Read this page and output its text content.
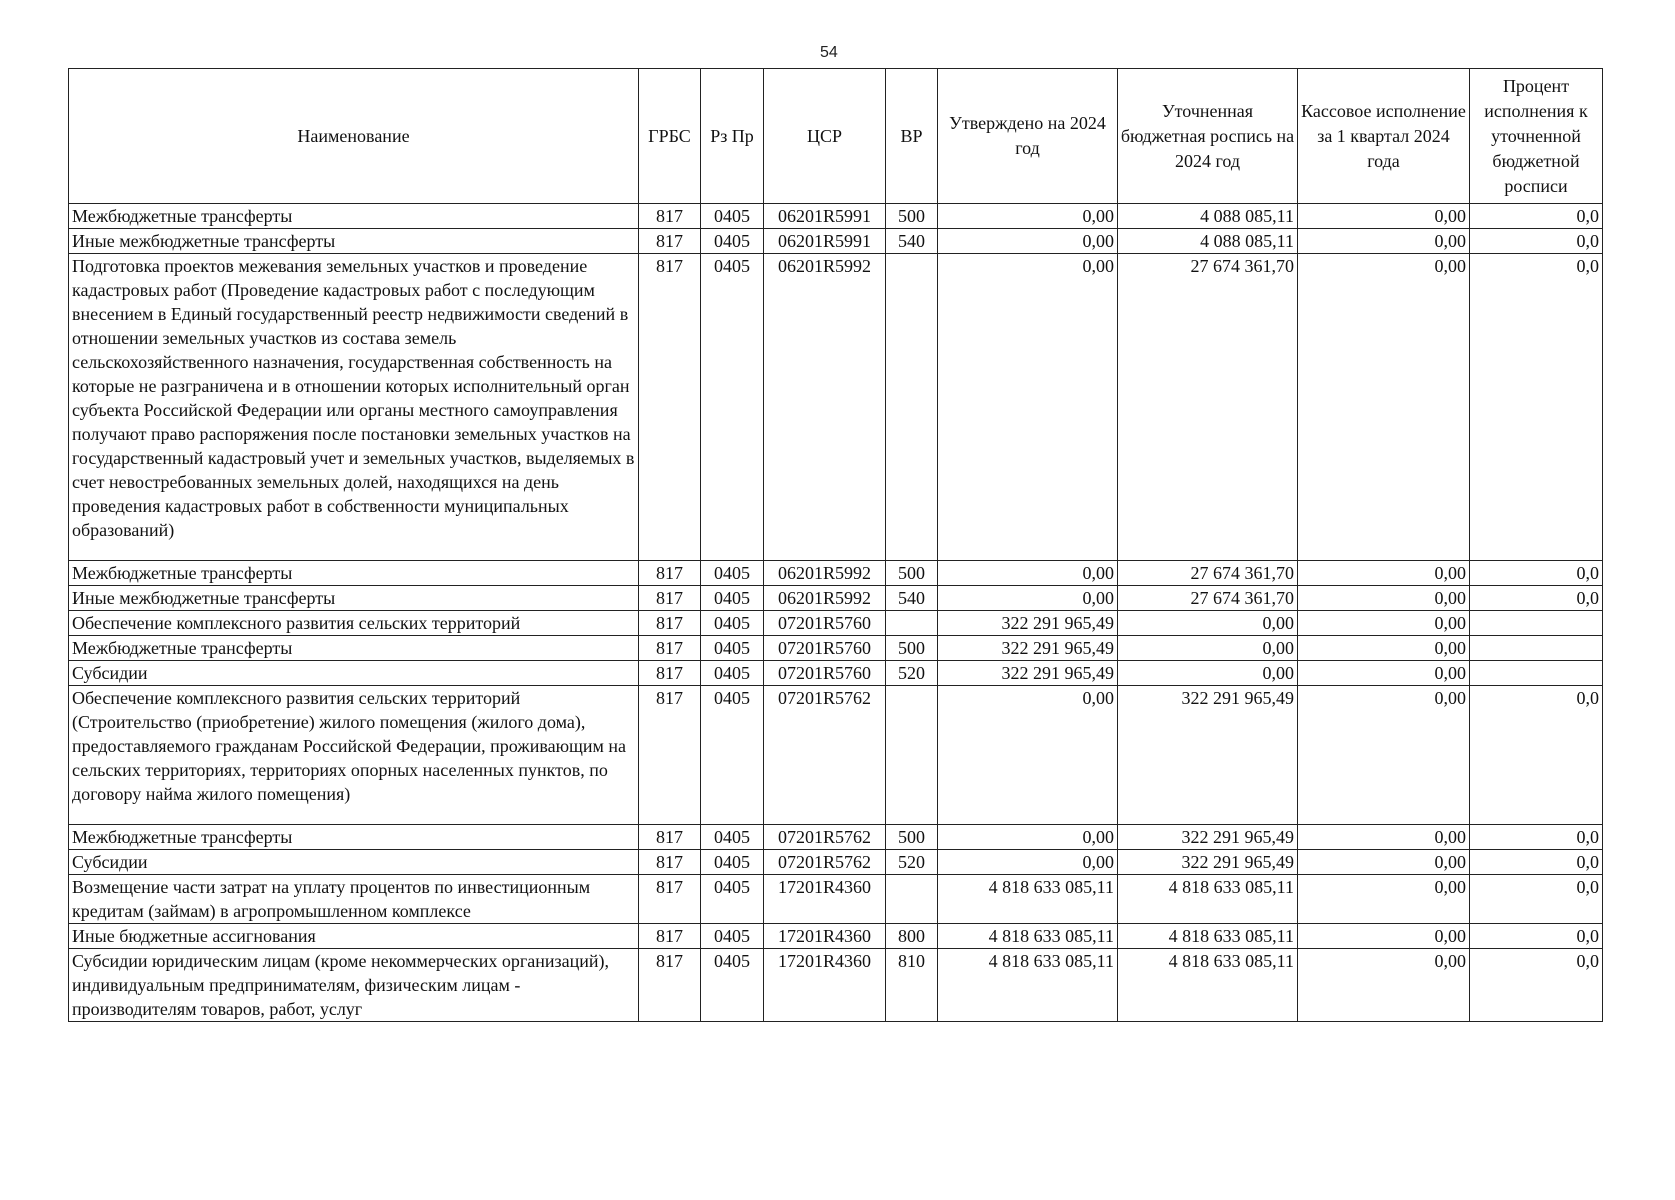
54
Наименование	ГРБС	Рз Пр	ЦСР	ВР	Утверждено на 2024 год	Уточненная бюджетная роспись на 2024 год	Кассовое исполнение за 1 квартал 2024 года	Процент исполнения к уточненной бюджетной росписи
Межбюджетные трансферты	817	0405	06201R5991	500	0,00	4 088 085,11	0,00	0,0
Иные межбюджетные трансферты	817	0405	06201R5991	540	0,00	4 088 085,11	0,00	0,0
Подготовка проектов межевания земельных участков и проведение кадастровых работ (Проведение кадастровых работ с последующим внесением в Единый государственный реестр недвижимости сведений в отношении земельных участков из состава земель сельскохозяйственного назначения, государственная собственность на которые не разграничена и в отношении которых исполнительный орган субъекта Российской Федерации или органы местного самоуправления получают право распоряжения после постановки земельных участков на государственный кадастровый учет и земельных участков, выделяемых в счет невостребованных земельных долей, находящихся на день проведения кадастровых работ в собственности муниципальных образований)	817	0405	06201R5992		0,00	27 674 361,70	0,00	0,0
Межбюджетные трансферты	817	0405	06201R5992	500	0,00	27 674 361,70	0,00	0,0
Иные межбюджетные трансферты	817	0405	06201R5992	540	0,00	27 674 361,70	0,00	0,0
Обеспечение комплексного развития сельских территорий	817	0405	07201R5760		322 291 965,49	0,00	0,00	
Межбюджетные трансферты	817	0405	07201R5760	500	322 291 965,49	0,00	0,00	
Субсидии	817	0405	07201R5760	520	322 291 965,49	0,00	0,00	
Обеспечение комплексного развития сельских территорий (Строительство (приобретение) жилого помещения (жилого дома), предоставляемого гражданам Российской Федерации, проживающим на сельских территориях, территориях опорных населенных пунктов, по договору найма жилого помещения)	817	0405	07201R5762		0,00	322 291 965,49	0,00	0,0
Межбюджетные трансферты	817	0405	07201R5762	500	0,00	322 291 965,49	0,00	0,0
Субсидии	817	0405	07201R5762	520	0,00	322 291 965,49	0,00	0,0
Возмещение части затрат на уплату процентов по инвестиционным кредитам (займам) в агропромышленном комплексе	817	0405	17201R4360		4 818 633 085,11	4 818 633 085,11	0,00	0,0
Иные бюджетные ассигнования	817	0405	17201R4360	800	4 818 633 085,11	4 818 633 085,11	0,00	0,0
Субсидии юридическим лицам (кроме некоммерческих организаций), индивидуальным предпринимателям, физическим лицам - производителям товаров, работ, услуг	817	0405	17201R4360	810	4 818 633 085,11	4 818 633 085,11	0,00	0,0
